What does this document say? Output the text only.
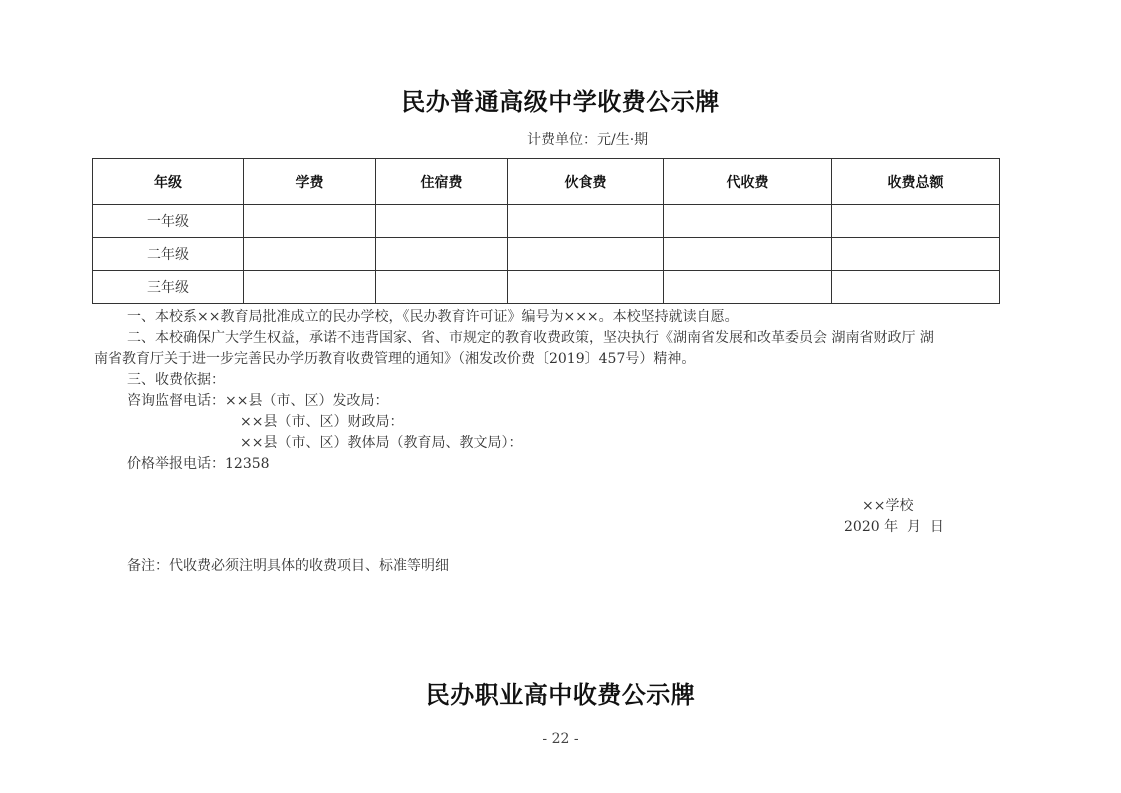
民办普通高级中学收费公示牌
计费单位：元/生·期
年级	学费	住宿费	伙食费	代收费	收费总额
一年级					
二年级					
三年级					
一、本校系××教育局批准成立的民办学校，《民办教育许可证》编号为×××。本校坚持就读自愿。
二、本校确保广大学生权益，承诺不违背国家、省、市规定的教育收费政策，坚决执行《湖南省发展和改革委员会 湖南省财政厅 湖
南省教育厅关于进一步完善民办学历教育收费管理的通知》（湘发改价费〔2019〕457号）精神。
三、收费依据：
咨询监督电话：××县（市、区）发改局：
××县（市、区）财政局：
××县（市、区）教体局（教育局、教文局）：
价格举报电话：12358
××学校
2020 年  月  日
备注：代收费必须注明具体的收费项目、标准等明细
民办职业高中收费公示牌
- 22 -
